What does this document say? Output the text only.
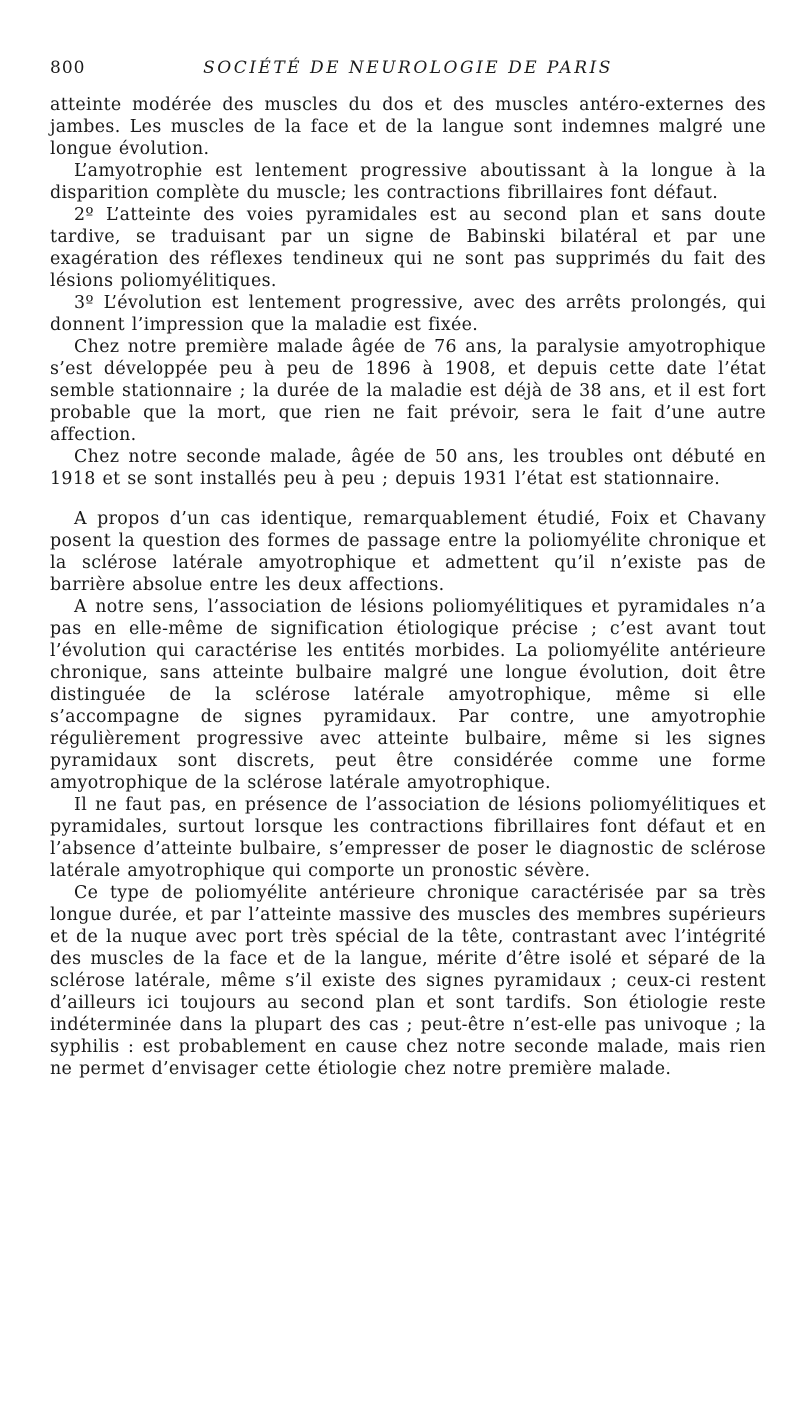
800	SOCIÉTÉ DE NEUROLOGIE DE PARIS

atteinte modérée des muscles du dos et des muscles antéro-externes des jambes. Les muscles de la face et de la langue sont indemnes malgré une longue évolution.

L’amyotrophie est lentement progressive aboutissant à la longue à la disparition complète du muscle; les contractions fibrillaires font défaut.

2º L’atteinte des voies pyramidales est au second plan et sans doute tardive, se traduisant par un signe de Babinski bilatéral et par une exagération des réflexes tendineux qui ne sont pas supprimés du fait des lésions poliomyélitiques.

3º L’évolution est lentement progressive, avec des arrêts prolongés, qui donnent l’impression que la maladie est fixée.

Chez notre première malade âgée de 76 ans, la paralysie amyotrophique s’est développée peu à peu de 1896 à 1908, et depuis cette date l’état semble stationnaire ; la durée de la maladie est déjà de 38 ans, et il est fort probable que la mort, que rien ne fait prévoir, sera le fait d’une autre affection.

Chez notre seconde malade, âgée de 50 ans, les troubles ont débuté en 1918 et se sont installés peu à peu ; depuis 1931 l’état est stationnaire.

A propos d’un cas identique, remarquablement étudié, Foix et Chavany posent la question des formes de passage entre la poliomyélite chronique et la sclérose latérale amyotrophique et admettent qu’il n’existe pas de barrière absolue entre les deux affections.

A notre sens, l’association de lésions poliomyélitiques et pyramidales n’a pas en elle-même de signification étiologique précise ; c’est avant tout l’évolution qui caractérise les entités morbides. La poliomyélite antérieure chronique, sans atteinte bulbaire malgré une longue évolution, doit être distinguée de la sclérose latérale amyotrophique, même si elle s’accompagne de signes pyramidaux. Par contre, une amyotrophie régulièrement progressive avec atteinte bulbaire, même si les signes pyramidaux sont discrets, peut être considérée comme une forme amyotrophique de la sclérose latérale amyotrophique.

Il ne faut pas, en présence de l’association de lésions poliomyélitiques et pyramidales, surtout lorsque les contractions fibrillaires font défaut et en l’absence d’atteinte bulbaire, s’empresser de poser le diagnostic de sclérose latérale amyotrophique qui comporte un pronostic sévère.

Ce type de poliomyélite antérieure chronique caractérisée par sa très longue durée, et par l’atteinte massive des muscles des membres supérieurs et de la nuque avec port très spécial de la tête, contrastant avec l’intégrité des muscles de la face et de la langue, mérite d’être isolé et séparé de la sclérose latérale, même s’il existe des signes pyramidaux ; ceux-ci restent d’ailleurs ici toujours au second plan et sont tardifs. Son étiologie reste indéterminée dans la plupart des cas ; peut-être n’est-elle pas univoque ; la syphilis : est probablement en cause chez notre seconde malade, mais rien ne permet d’envisager cette étiologie chez notre première malade.
